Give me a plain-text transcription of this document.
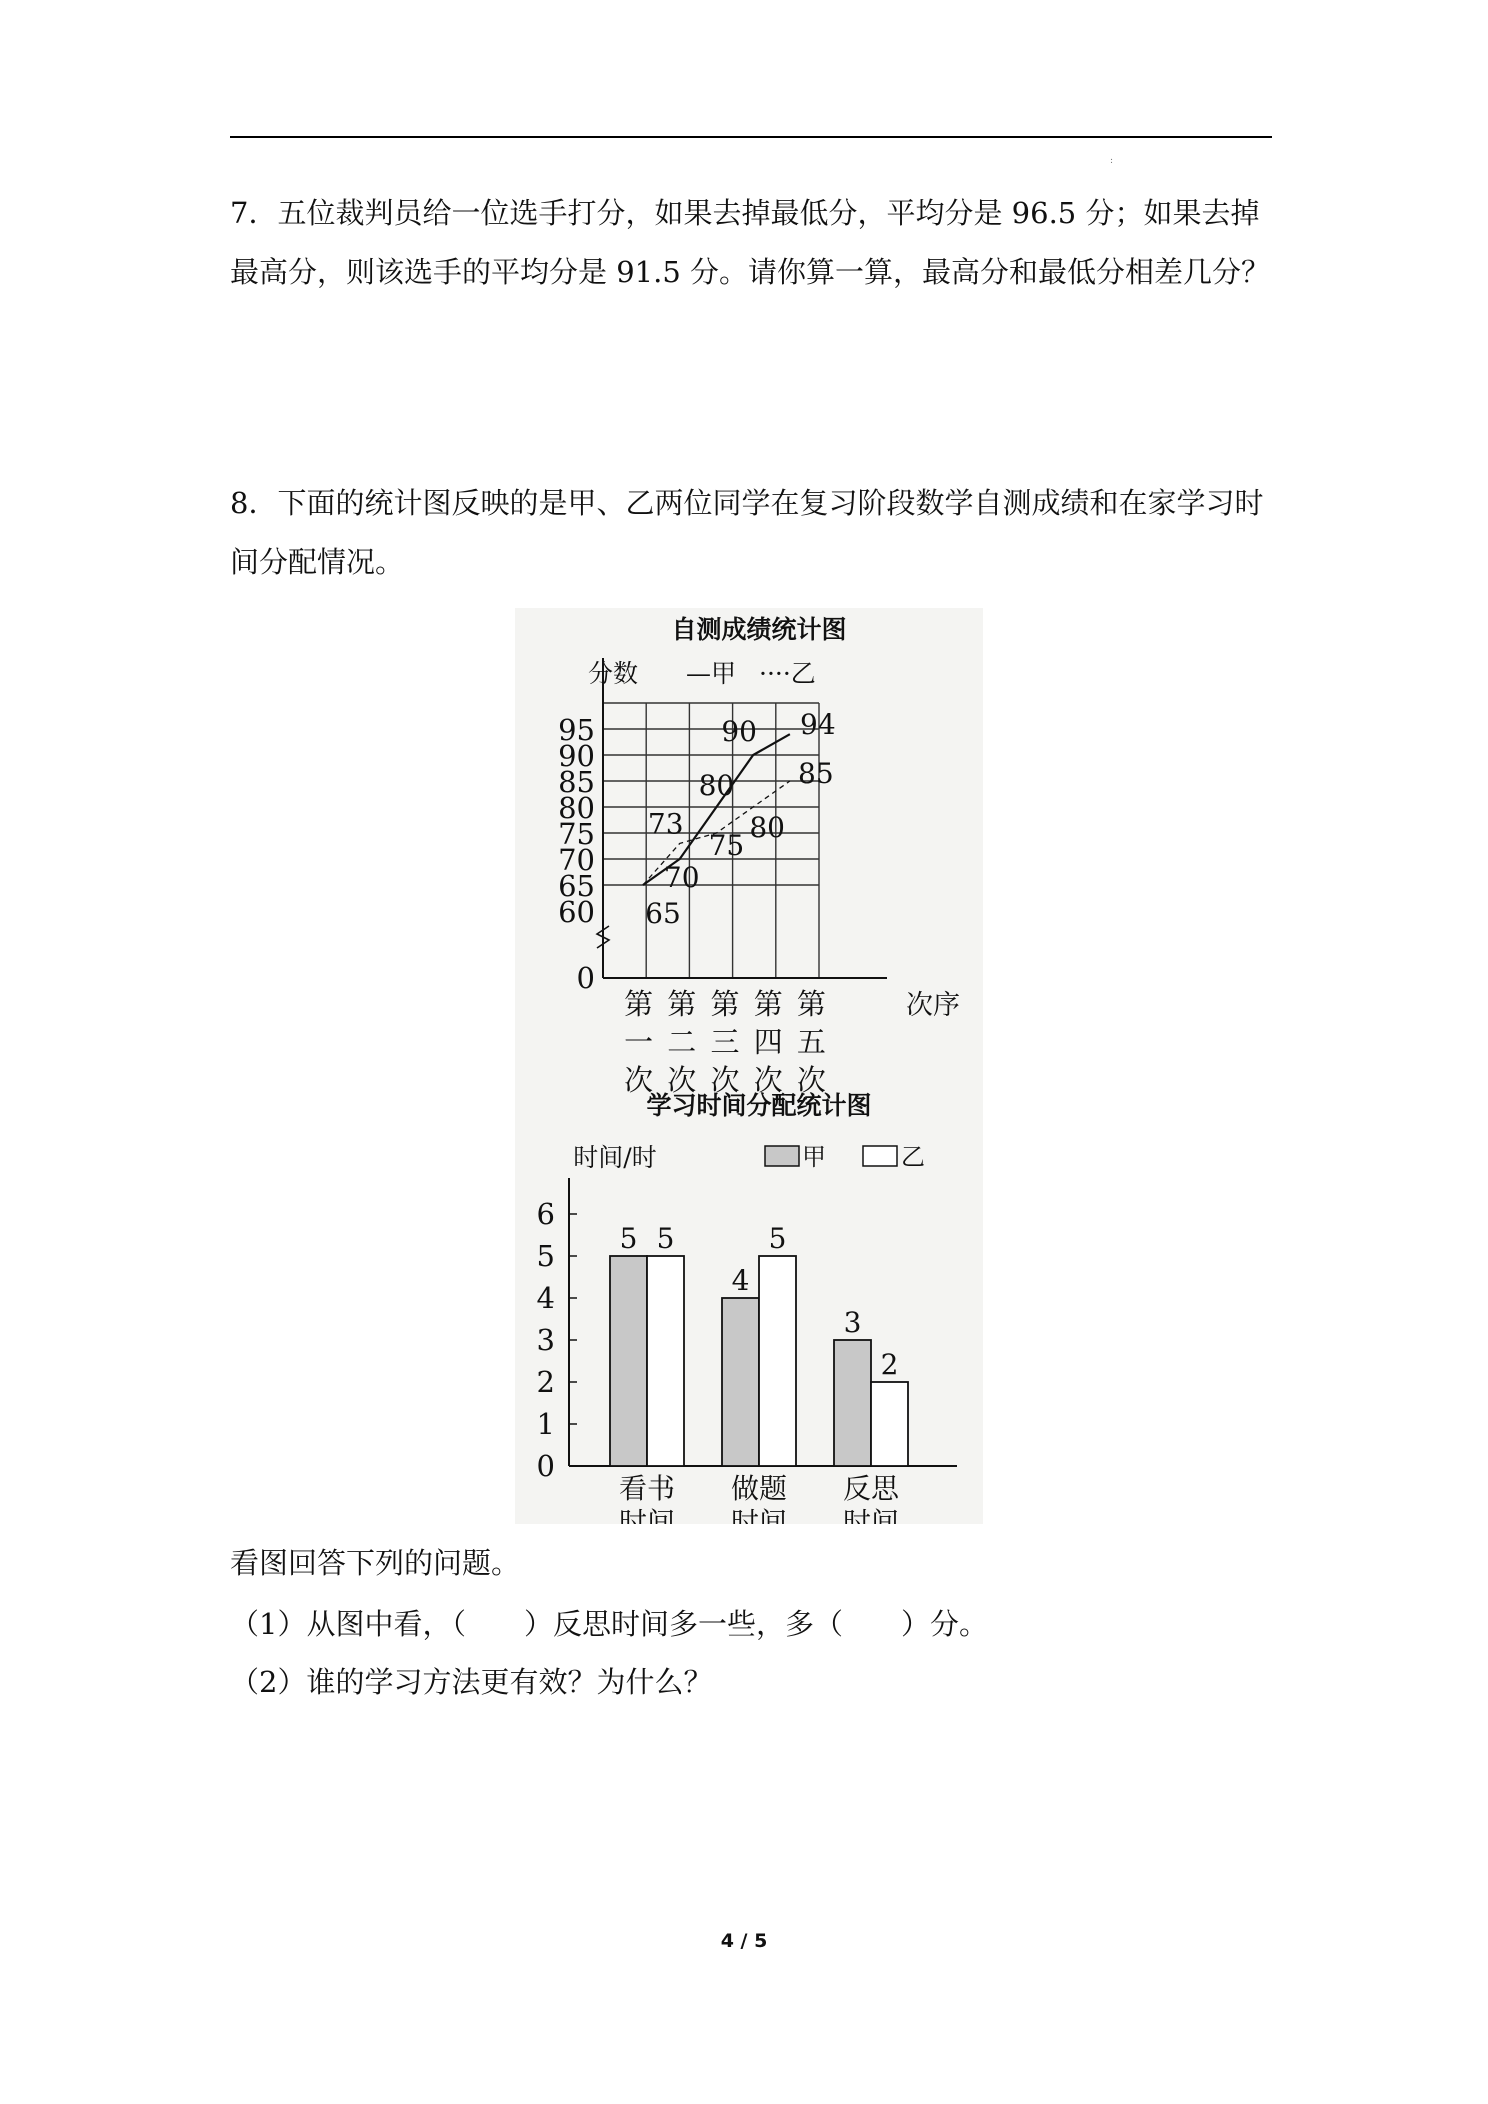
:
7．五位裁判员给一位选手打分，如果去掉最低分，平均分是 96.5 分；如果去掉最高分，则该选手的平均分是 91.5 分。请你算一算，最高分和最低分相差几分？
8．下面的统计图反映的是甲、乙两位同学在复习阶段数学自测成绩和在家学习时间分配情况。
自测成绩统计图
分数 —甲 ····乙
95
90
85
80
75
70
65
60
0
第
一
次
第
二
次
第
三
次
第
四
次
第
五
次
次序
65
70
80
90 94
73
75
80
85
学习时间分配统计图
时间/时	甲	乙
6
5
4
3
2
1
0
5
4
3
5	5
2
看书
时间
做题
时间
反思
时间
看图回答下列的问题。
（1）从图中看，（　　）反思时间多一些，多（　　）分。
（2）谁的学习方法更有效？为什么？
4 / 5
